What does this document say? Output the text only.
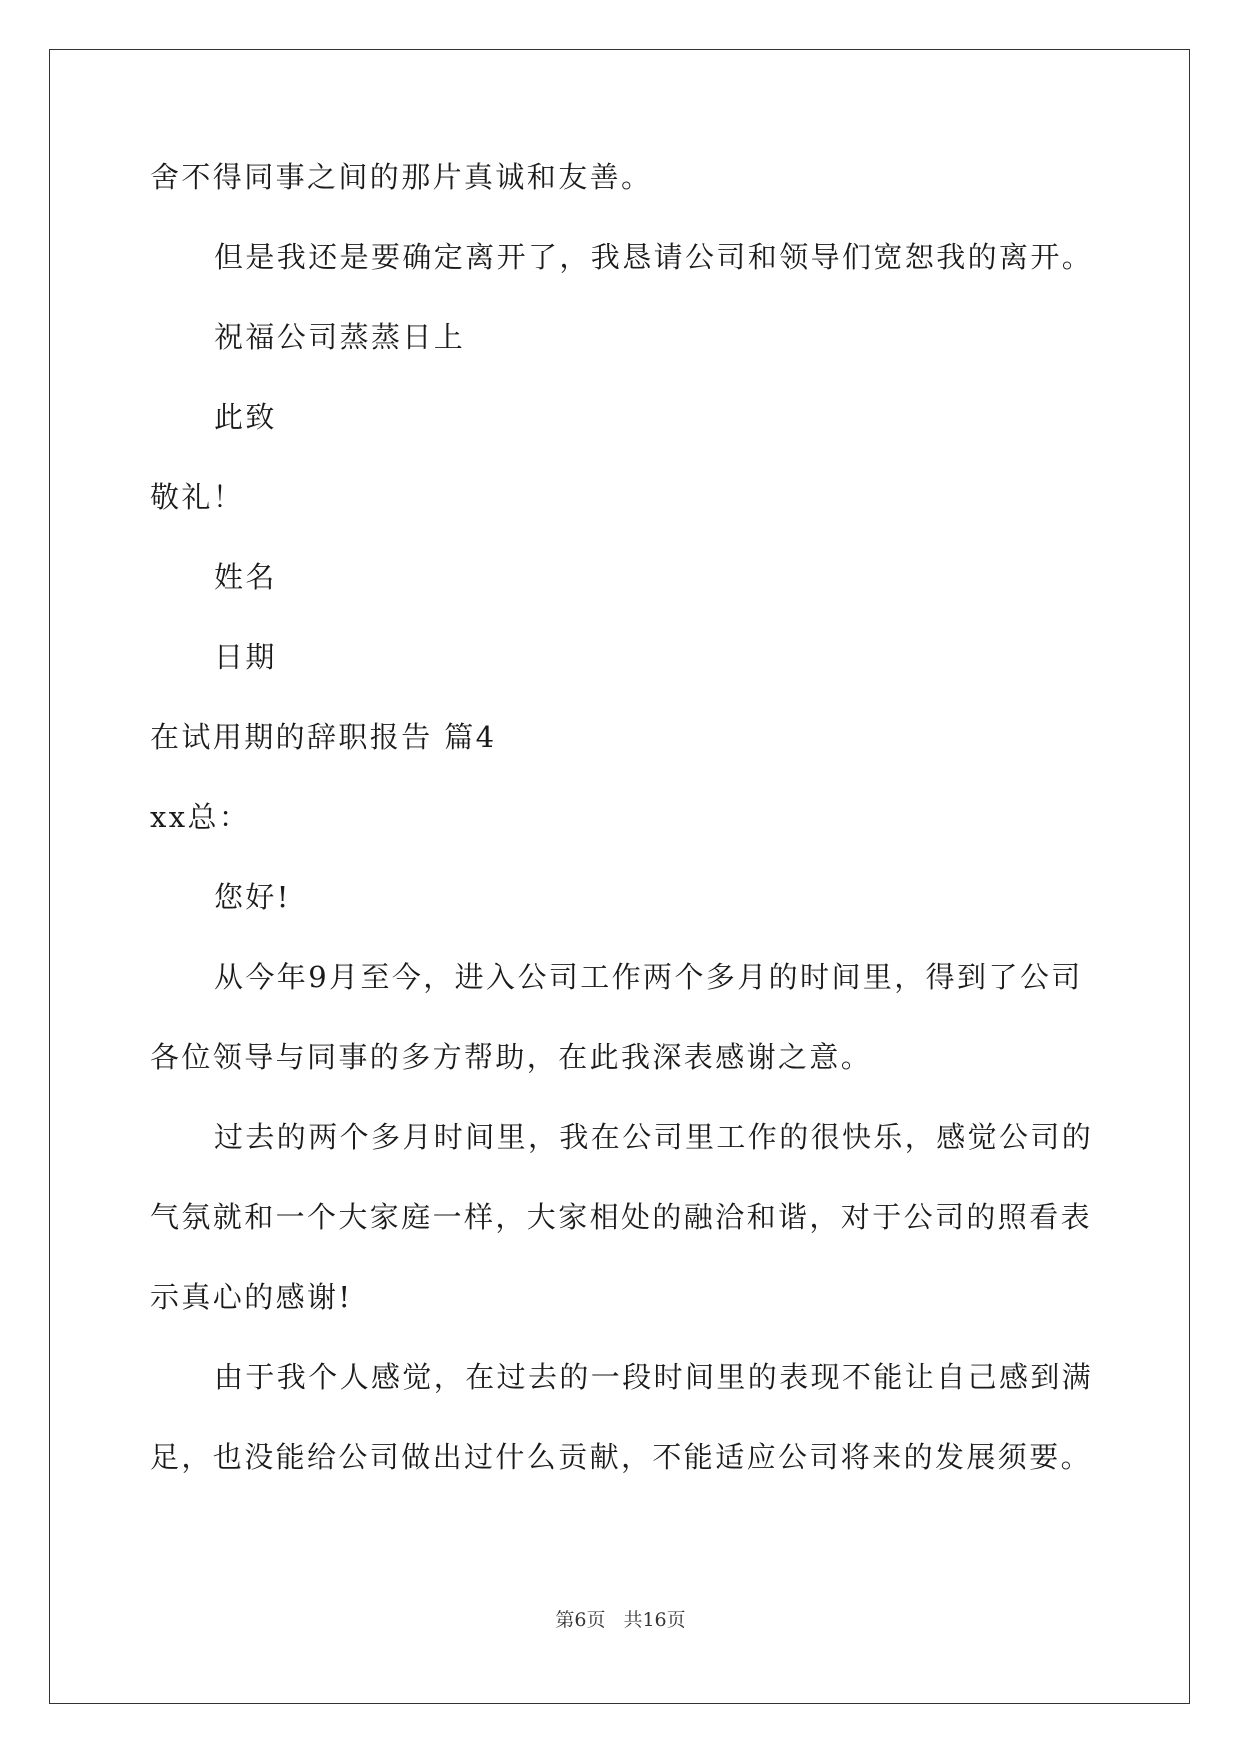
舍不得同事之间的那片真诚和友善。
但是我还是要确定离开了，我恳请公司和领导们宽恕我的离开。
祝福公司蒸蒸日上
此致
敬礼！
姓名
日期
在试用期的辞职报告 篇4
xx总：
您好!
从今年9月至今，进入公司工作两个多月的时间里，得到了公司
各位领导与同事的多方帮助，在此我深表感谢之意。
过去的两个多月时间里，我在公司里工作的很快乐，感觉公司的
气氛就和一个大家庭一样，大家相处的融洽和谐，对于公司的照看表
示真心的感谢!
由于我个人感觉，在过去的一段时间里的表现不能让自己感到满
足，也没能给公司做出过什么贡献，不能适应公司将来的发展须要。
第6页 共16页
